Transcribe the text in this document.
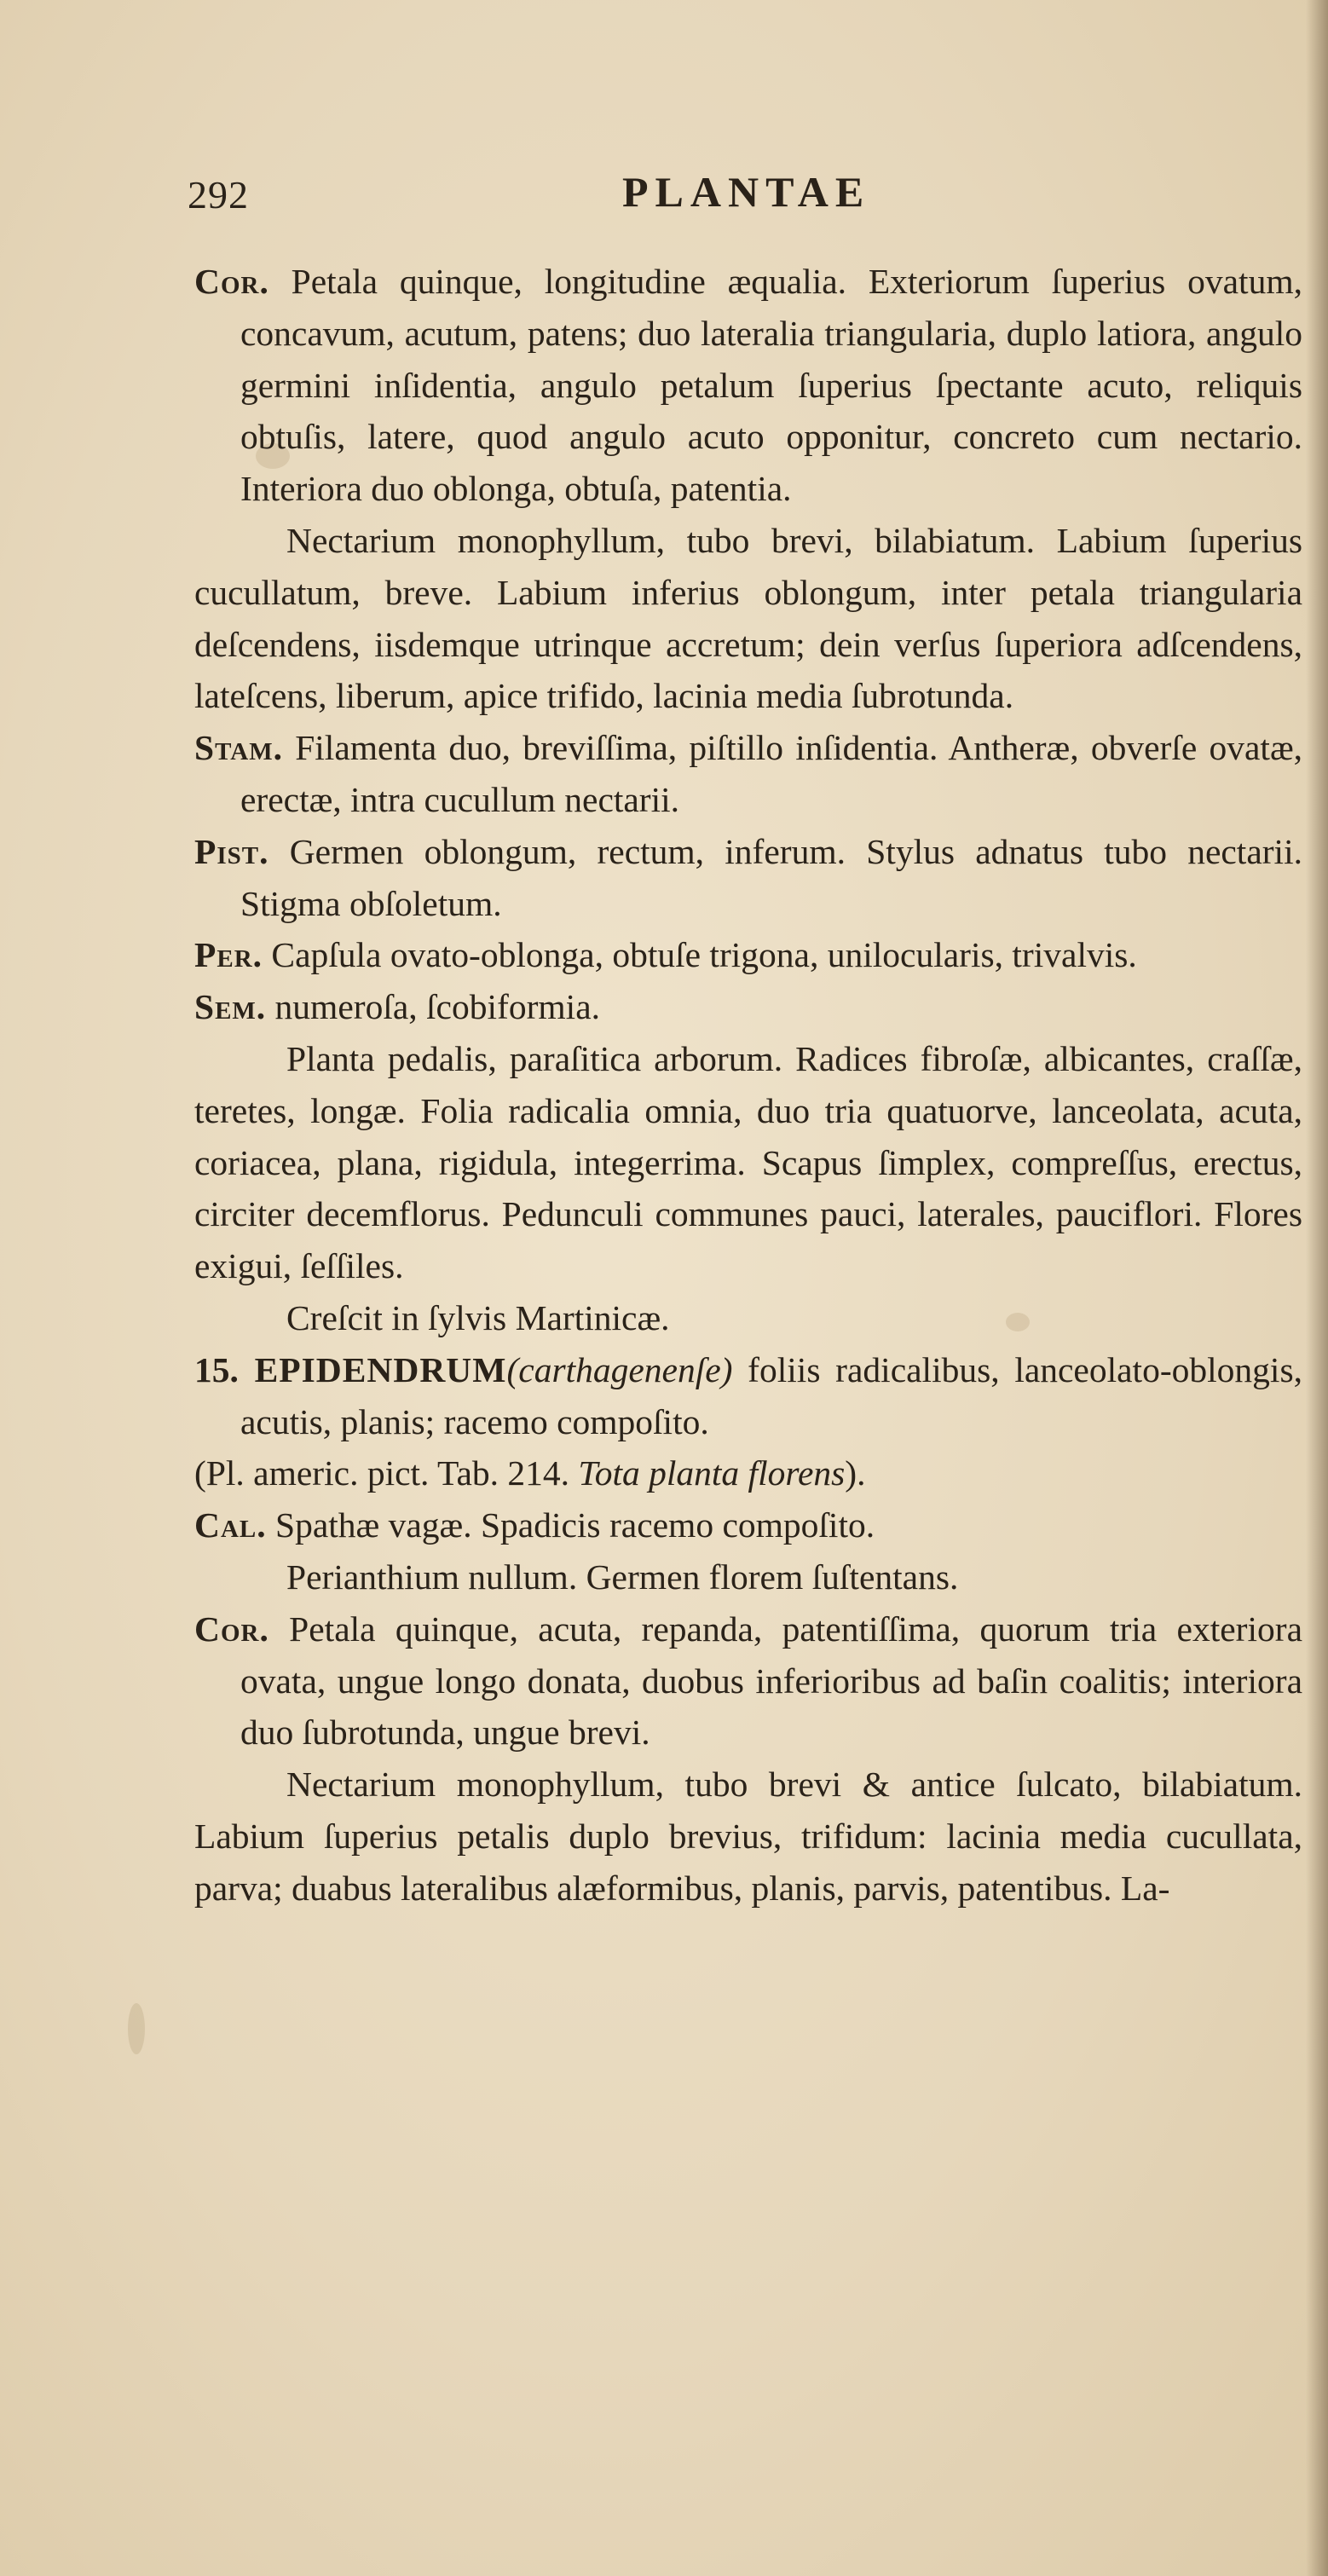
292	PLANTAE

Cor. Petala quinque, longitudine æqualia. Exteriorum ſuperius ovatum, concavum, acutum, patens; duo lateralia triangularia, duplo latiora, angulo germini inſidentia, angulo petalum ſuperius ſpectante acuto, reliquis obtuſis, latere, quod angulo acuto opponitur, concreto cum nectario. Interiora duo oblonga, obtuſa, patentia.

Nectarium monophyllum, tubo brevi, bilabiatum. Labium ſuperius cucullatum, breve. Labium inferius oblongum, inter petala triangularia deſcendens, iisdemque utrinque accretum; dein verſus ſuperiora adſcendens, lateſcens, liberum, apice trifido, lacinia media ſubrotunda.

Stam. Filamenta duo, breviſſima, piſtillo inſidentia. Antheræ, obverſe ovatæ, erectæ, intra cucullum nectarii.

Pist. Germen oblongum, rectum, inferum. Stylus adnatus tubo nectarii. Stigma obſoletum.

Per. Capſula ovato-oblonga, obtuſe trigona, unilocularis, trivalvis.

Sem. numeroſa, ſcobiformia.

Planta pedalis, paraſitica arborum. Radices fibroſæ, albicantes, craſſæ, teretes, longæ. Folia radicalia omnia, duo tria quatuorve, lanceolata, acuta, coriacea, plana, rigidula, integerrima. Scapus ſimplex, compreſſus, erectus, circiter decemflorus. Pedunculi communes pauci, laterales, pauciflori. Flores exigui, ſeſſiles.

Creſcit in ſylvis Martinicæ.

15. EPIDENDRUM(carthagenenſe) foliis radicalibus, lanceolato-oblongis, acutis, planis; racemo compoſito.

(Pl. americ. pict. Tab. 214. Tota planta florens).

Cal. Spathæ vagæ. Spadicis racemo compoſito.

Perianthium nullum. Germen florem ſuſtentans.

Cor. Petala quinque, acuta, repanda, patentiſſima, quorum tria exteriora ovata, ungue longo donata, duobus inferioribus ad baſin coalitis; interiora duo ſubrotunda, ungue brevi.

Nectarium monophyllum, tubo brevi & antice ſulcato, bilabiatum. Labium ſuperius petalis duplo brevius, trifidum: lacinia media cucullata, parva; duabus lateralibus alæformibus, planis, parvis, patentibus. La-
